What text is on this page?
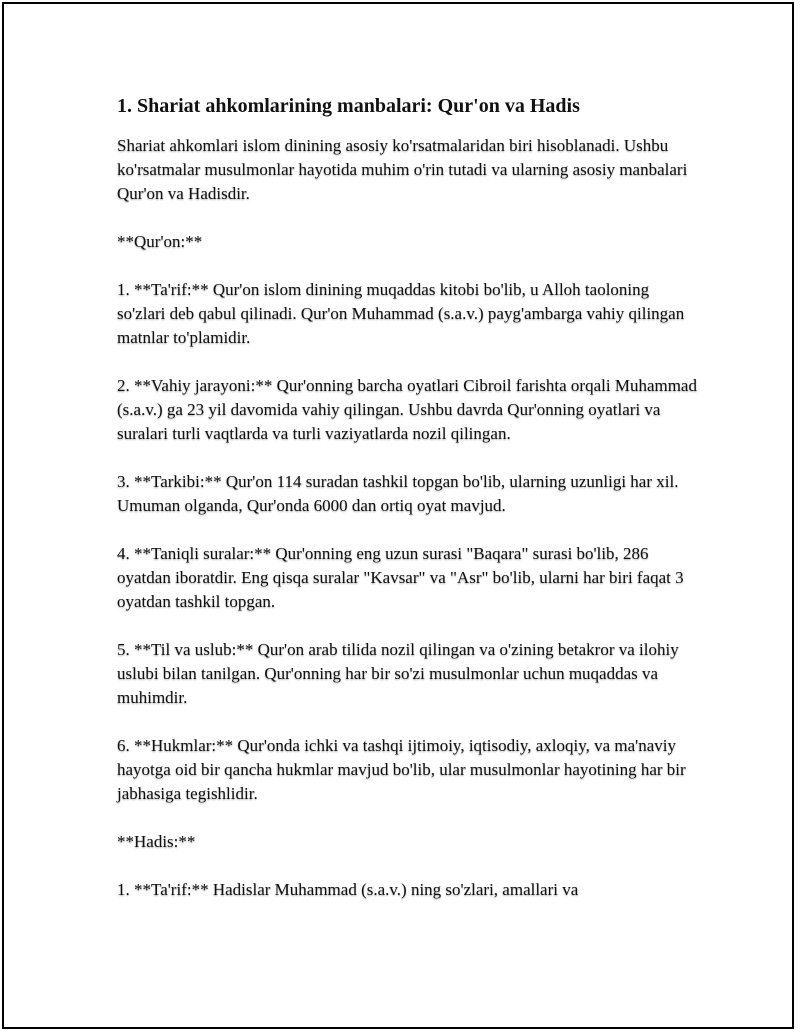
1. Shariat ahkomlarining manbalari: Qur'on va Hadis

Shariat ahkomlari islom dinining asosiy ko'rsatmalaridan biri hisoblanadi. Ushbu ko'rsatmalar musulmonlar hayotida muhim o'rin tutadi va ularning asosiy manbalari Qur'on va Hadisdir.

**Qur'on:**

1. **Ta'rif:** Qur'on islom dinining muqaddas kitobi bo'lib, u Alloh taoloning so'zlari deb qabul qilinadi. Qur'on Muhammad (s.a.v.) payg'ambarga vahiy qilingan matnlar to'plamidir.

2. **Vahiy jarayoni:** Qur'onning barcha oyatlari Cibroil farishta orqali Muhammad (s.a.v.) ga 23 yil davomida vahiy qilingan. Ushbu davrda Qur'onning oyatlari va suralari turli vaqtlarda va turli vaziyatlarda nozil qilingan.

3. **Tarkibi:** Qur'on 114 suradan tashkil topgan bo'lib, ularning uzunligi har xil. Umuman olganda, Qur'onda 6000 dan ortiq oyat mavjud.

4. **Taniqli suralar:** Qur'onning eng uzun surasi "Baqara" surasi bo'lib, 286 oyatdan iboratdir. Eng qisqa suralar "Kavsar" va "Asr" bo'lib, ularni har biri faqat 3 oyatdan tashkil topgan.

5. **Til va uslub:** Qur'on arab tilida nozil qilingan va o'zining betakror va ilohiy uslubi bilan tanilgan. Qur'onning har bir so'zi musulmonlar uchun muqaddas va muhimdir.

6. **Hukmlar:** Qur'onda ichki va tashqi ijtimoiy, iqtisodiy, axloqiy, va ma'naviy hayotga oid bir qancha hukmlar mavjud bo'lib, ular musulmonlar hayotining har bir jabhasiga tegishlidir.

**Hadis:**

1. **Ta'rif:** Hadislar Muhammad (s.a.v.) ning so'zlari, amallari va
